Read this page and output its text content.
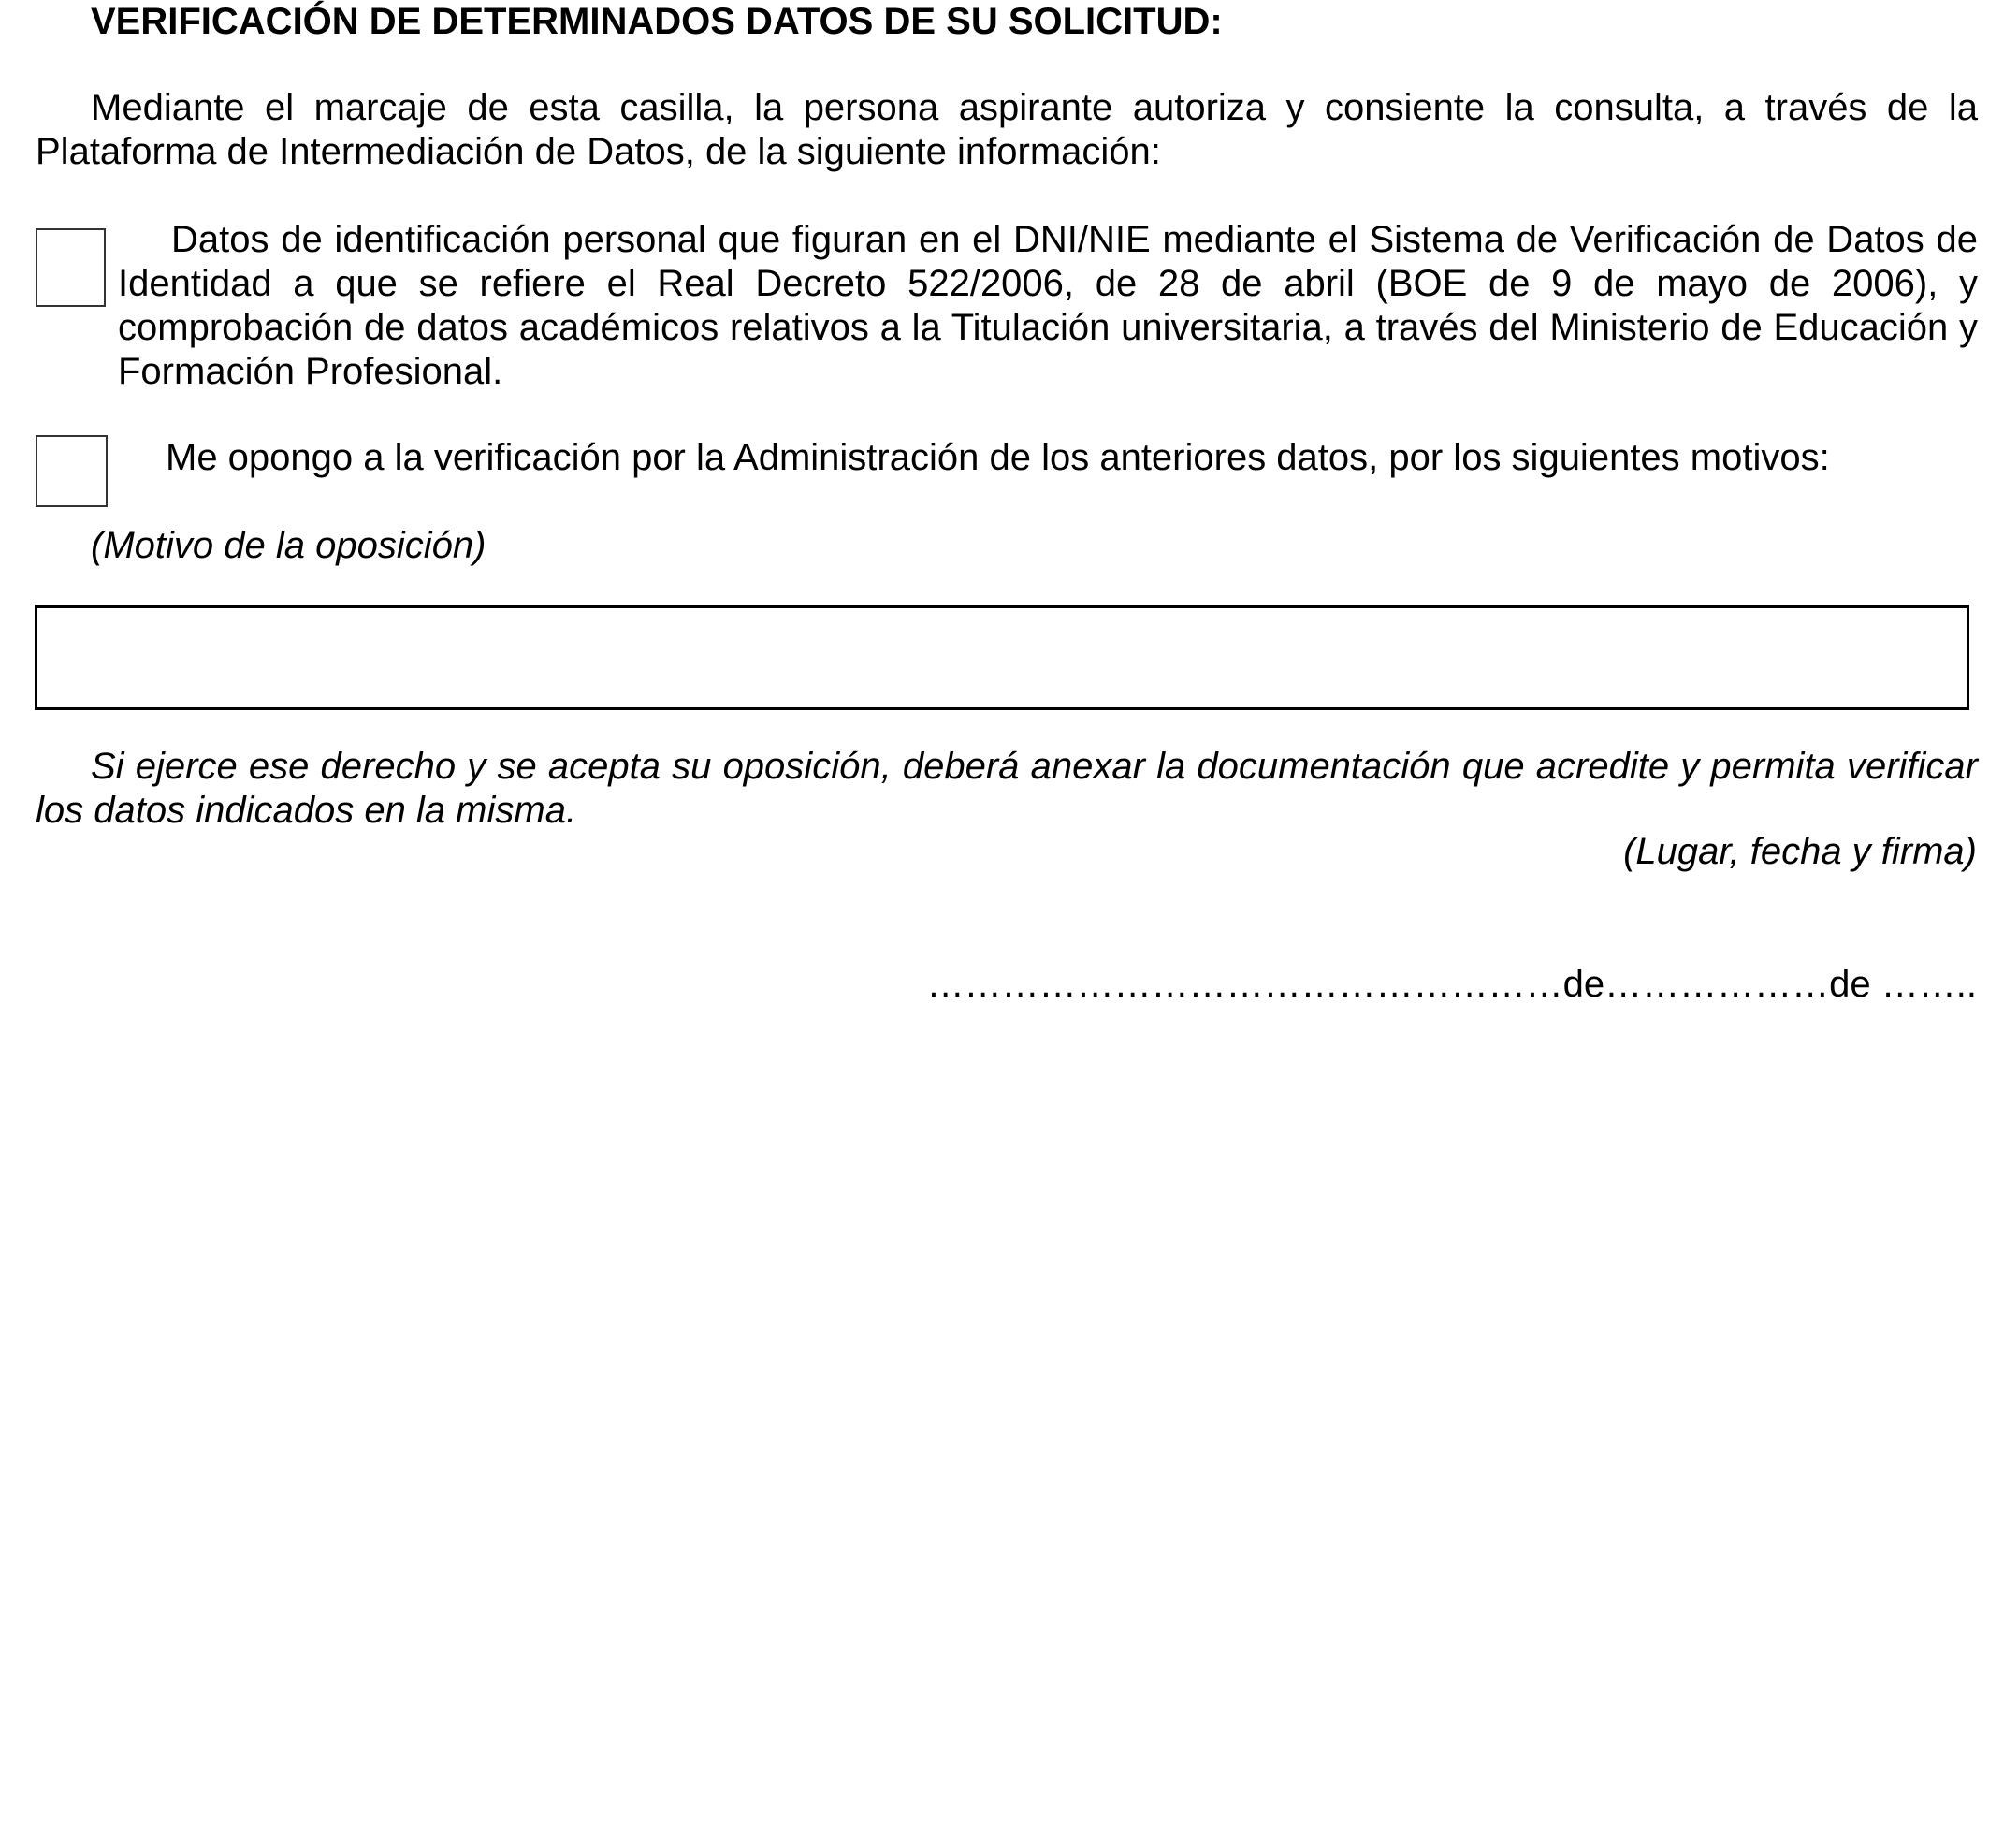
VERIFICACIÓN DE DETERMINADOS DATOS DE SU SOLICITUD:
Mediante el marcaje de esta casilla, la persona aspirante autoriza y consiente la consulta, a través de la Plataforma de Intermediación de Datos, de la siguiente información:
Datos de identificación personal que figuran en el DNI/NIE mediante el Sistema de Verificación de Datos de Identidad a que se refiere el Real Decreto 522/2006, de 28 de abril (BOE de 9 de mayo de 2006), y comprobación de datos académicos relativos a la Titulación universitaria, a través del Ministerio de Educación y Formación Profesional.
Me opongo a la verificación por la Administración de los anteriores datos, por los siguientes motivos:
(Motivo de la oposición)
Si ejerce ese derecho y se acepta su oposición, deberá anexar la documentación que acredite y permita verificar los datos indicados en la misma.
(Lugar, fecha y firma)
……………………………………………de………………de ……..
